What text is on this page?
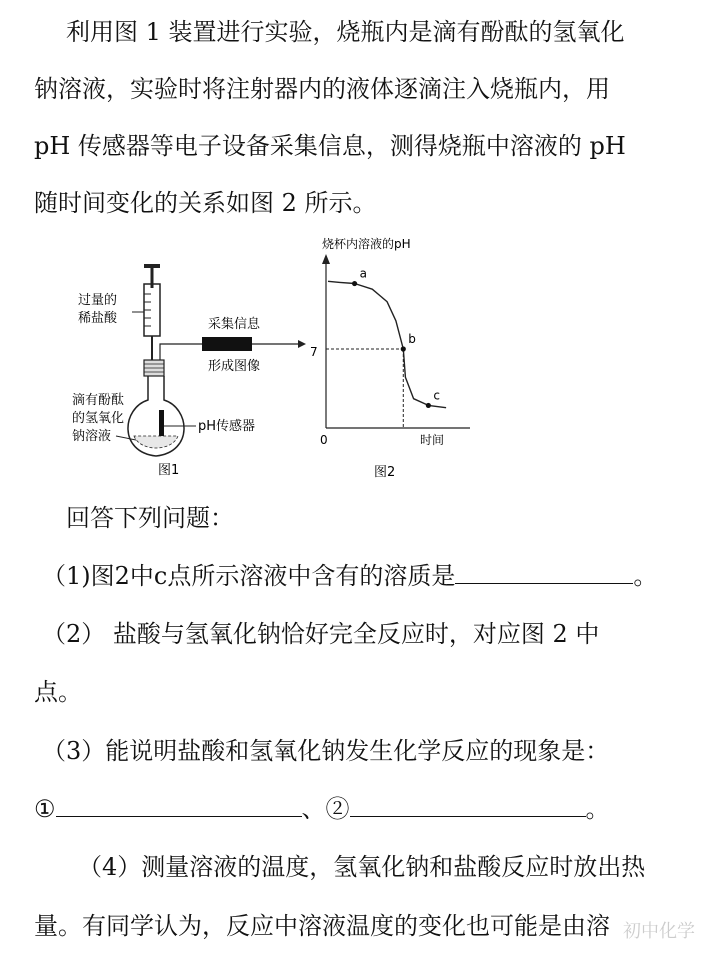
利用图 1 装置进行实验，烧瓶内是滴有酚酞的氢氧化
钠溶液，实验时将注射器内的液体逐滴注入烧瓶内，用
pH 传感器等电子设备采集信息，测得烧瓶中溶液的 pH
随时间变化的关系如图 2 所示。
采集信息
形成图像
pH传感器
过量的
稀盐酸
滴有酚酞
的氢氧化
钠溶液
图1
烧杯内溶液的pH
0	时间
7
a
b
c
图2
回答下列问题：
（1)图2中c点所示溶液中含有的溶质是	。
（2） 盐酸与氢氧化钠恰好完全反应时，对应图 2 中
点。
（3）能说明盐酸和氢氧化钠发生化学反应的现象是：
①	、②	。
（4）测量溶液的温度，氢氧化钠和盐酸反应时放出热
量。有同学认为，反应中溶液温度的变化也可能是由溶 初中化学
